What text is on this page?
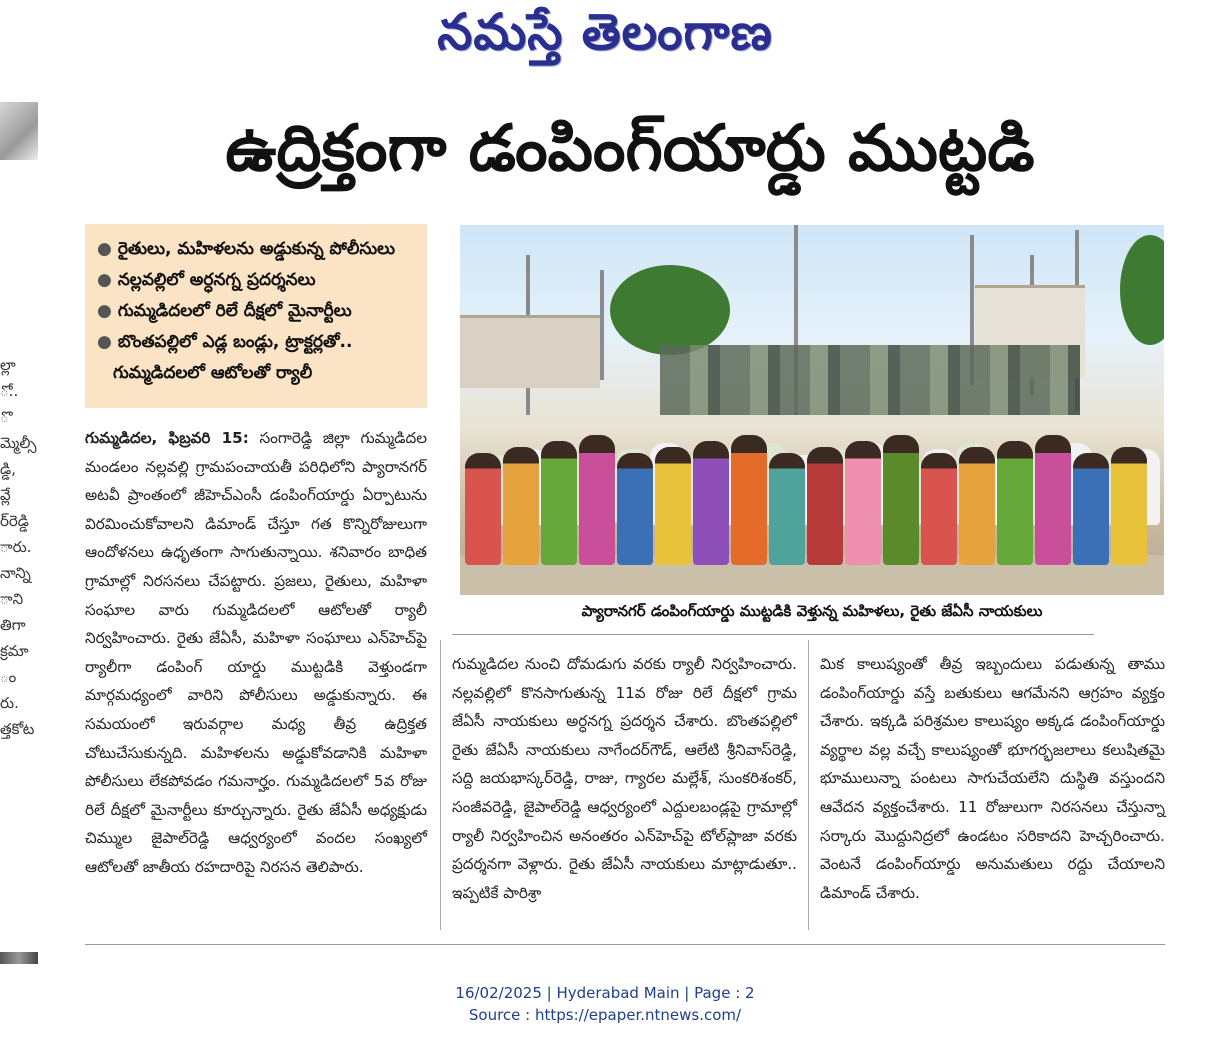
నమస్తే తెలంగాణ
ల్లా
ో..
ొ
మ్మెల్సీ
డ్డి,
వ్లే
ర్‌రెడ్డి
ారు.
నాన్ని
ాని
తిగా
క్రమా
ం
రు.
త్తకోట
ఉద్రిక్తంగా డంపింగ్‌యార్డు ముట్టడి
● రైతులు, మహిళలను అడ్డుకున్న పోలీసులు
● నల్లవల్లిలో అర్ధనగ్న ప్రదర్శనలు
● గుమ్మడిదలలో రిలే దీక్షలో మైనార్టీలు
● బొంతపల్లిలో ఎడ్ల బండ్లు, ట్రాక్టర్లతో..
గుమ్మడిదలలో ఆటోలతో ర్యాలీ
ప్యారానగర్‌ డంపింగ్‌యార్డు ముట్టడికి వెళ్తున్న మహిళలు, రైతు జేఏసీ నాయకులు
గుమ్మడిదల, ఫిబ్రవరి 15: సంగారెడ్డి జిల్లా గుమ్మడిదల మండలం నల్లవల్లి గ్రామపంచాయతీ పరిధిలోని ప్యారానగర్‌ అటవీ ప్రాంతంలో జీహెచ్‌ఎంసీ డంపింగ్‌యార్డు ఏర్పాటును విరమించుకోవాలని డిమాండ్‌ చేస్తూ గత కొన్నిరోజులుగా ఆందోళనలు ఉధృతంగా సాగుతున్నాయి. శనివారం బాధిత గ్రామాల్లో నిరసనలు చేపట్టారు. ప్రజలు, రైతులు, మహిళా సంఘాల వారు గుమ్మడిదలలో ఆటోలతో ర్యాలీ నిర్వహించారు. రైతు జేఏసీ, మహిళా సంఘాలు ఎన్‌హెచ్‌పై ర్యాలీగా డంపింగ్‌ యార్డు ముట్టడికి వెళ్తుండగా మార్గమధ్యంలో వారిని పోలీసులు అడ్డుకున్నారు. ఈ సమయంలో ఇరువర్గాల మధ్య తీవ్ర ఉద్రిక్తత చోటుచేసుకున్నది. మహిళలను అడ్డుకోవడానికి మహిళా పోలీసులు లేకపోవడం గమనార్హం. గుమ్మడిదలలో 5వ రోజు రిలే దీక్షలో మైనార్టీలు కూర్చున్నారు. రైతు జేఏసీ అధ్యక్షుడు చిమ్ముల జైపాల్‌రెడ్డి ఆధ్వర్యంలో వందల సంఖ్యలో ఆటోలతో జాతీయ రహదారిపై నిరసన తెలిపారు.
గుమ్మడిదల నుంచి దోమడుగు వరకు ర్యాలీ నిర్వహించారు. నల్లవల్లిలో కొనసాగుతున్న 11వ రోజు రిలే దీక్షలో గ్రామ జేఏసీ నాయకులు అర్ధనగ్న ప్రదర్శన చేశారు. బొంతపల్లిలో రైతు జేఏసీ నాయకులు నాగేందర్‌గౌడ్‌, ఆలేటి శ్రీనివాస్‌రెడ్డి, సద్ది జయభాస్కర్‌రెడ్డి, రాజు, గ్యారల మల్లేశ్‌, సుంకరిశంకర్‌, సంజీవరెడ్డి, జైపాల్‌రెడ్డి ఆధ్వర్యంలో ఎద్దులబండ్లపై గ్రామాల్లో ర్యాలీ నిర్వహించిన అనంతరం ఎన్‌హెచ్‌పై టోల్‌ప్లాజా వరకు ప్రదర్శనగా వెళ్లారు. రైతు జేఏసీ నాయకులు మాట్లాడుతూ.. ఇప్పటికే పారిశ్రా
మిక కాలుష్యంతో తీవ్ర ఇబ్బందులు పడుతున్న తాము డంపింగ్‌యార్డు వస్తే బతుకులు ఆగమేనని ఆగ్రహం వ్యక్తం చేశారు. ఇక్కడి పరిశ్రమల కాలుష్యం అక్కడ డంపింగ్‌యార్డు వ్యర్థాల వల్ల వచ్చే కాలుష్యంతో భూగర్భజలాలు కలుషితమై భూములున్నా పంటలు సాగుచేయలేని దుస్థితి వస్తుందని ఆవేదన వ్యక్తంచేశారు. 11 రోజులుగా నిరసనలు చేస్తున్నా సర్కారు మొద్దునిద్రలో ఉండటం సరికాదని హెచ్చరించారు. వెంటనే డంపింగ్‌యార్డు అనుమతులు రద్దు చేయాలని డిమాండ్‌ చేశారు.
16/02/2025 | Hyderabad Main | Page : 2
Source : https://epaper.ntnews.com/
